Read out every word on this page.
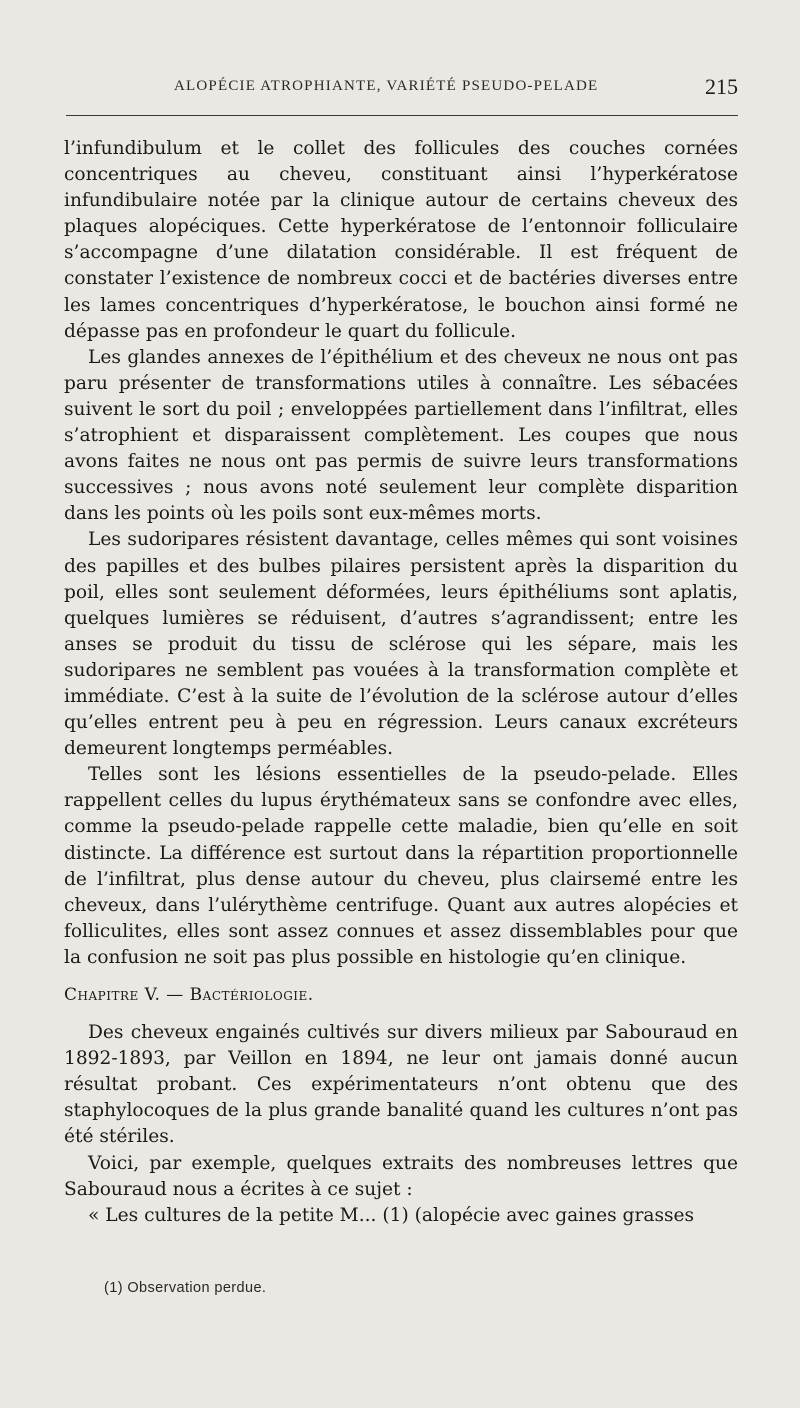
ALOPÉCIE ATROPHIANTE, VARIÉTÉ PSEUDO-PELADE	215

l’infundibulum et le collet des follicules des couches cornées concentriques au cheveu, constituant ainsi l’hyperkératose infundibulaire notée par la clinique autour de certains cheveux des plaques alopéciques. Cette hyperkératose de l’entonnoir folliculaire s’accompagne d’une dilatation considérable. Il est fréquent de constater l’existence de nombreux cocci et de bactéries diverses entre les lames concentriques d’hyperkératose, le bouchon ainsi formé ne dépasse pas en profondeur le quart du follicule.

Les glandes annexes de l’épithélium et des cheveux ne nous ont pas paru présenter de transformations utiles à connaître. Les sébacées suivent le sort du poil ; enveloppées partiellement dans l’infiltrat, elles s’atrophient et disparaissent complètement. Les coupes que nous avons faites ne nous ont pas permis de suivre leurs transformations successives ; nous avons noté seulement leur complète disparition dans les points où les poils sont eux-mêmes morts.

Les sudoripares résistent davantage, celles mêmes qui sont voisines des papilles et des bulbes pilaires persistent après la disparition du poil, elles sont seulement déformées, leurs épithéliums sont aplatis, quelques lumières se réduisent, d’autres s’agrandissent; entre les anses se produit du tissu de sclérose qui les sépare, mais les sudoripares ne semblent pas vouées à la transformation complète et immédiate. C’est à la suite de l’évolution de la sclérose autour d’elles qu’elles entrent peu à peu en régression. Leurs canaux excréteurs demeurent longtemps perméables.

Telles sont les lésions essentielles de la pseudo-pelade. Elles rappellent celles du lupus érythémateux sans se confondre avec elles, comme la pseudo-pelade rappelle cette maladie, bien qu’elle en soit distincte. La différence est surtout dans la répartition proportionnelle de l’infiltrat, plus dense autour du cheveu, plus clairsemé entre les cheveux, dans l’ulérythème centrifuge. Quant aux autres alopécies et folliculites, elles sont assez connues et assez dissemblables pour que la confusion ne soit pas plus possible en histologie qu’en clinique.

Chapitre V. — Bactériologie.

Des cheveux engainés cultivés sur divers milieux par Sabouraud en 1892-1893, par Veillon en 1894, ne leur ont jamais donné aucun résultat probant. Ces expérimentateurs n’ont obtenu que des staphylocoques de la plus grande banalité quand les cultures n’ont pas été stériles.

Voici, par exemple, quelques extraits des nombreuses lettres que Sabouraud nous a écrites à ce sujet :

« Les cultures de la petite M... (1) (alopécie avec gaines grasses

(1) Observation perdue.
